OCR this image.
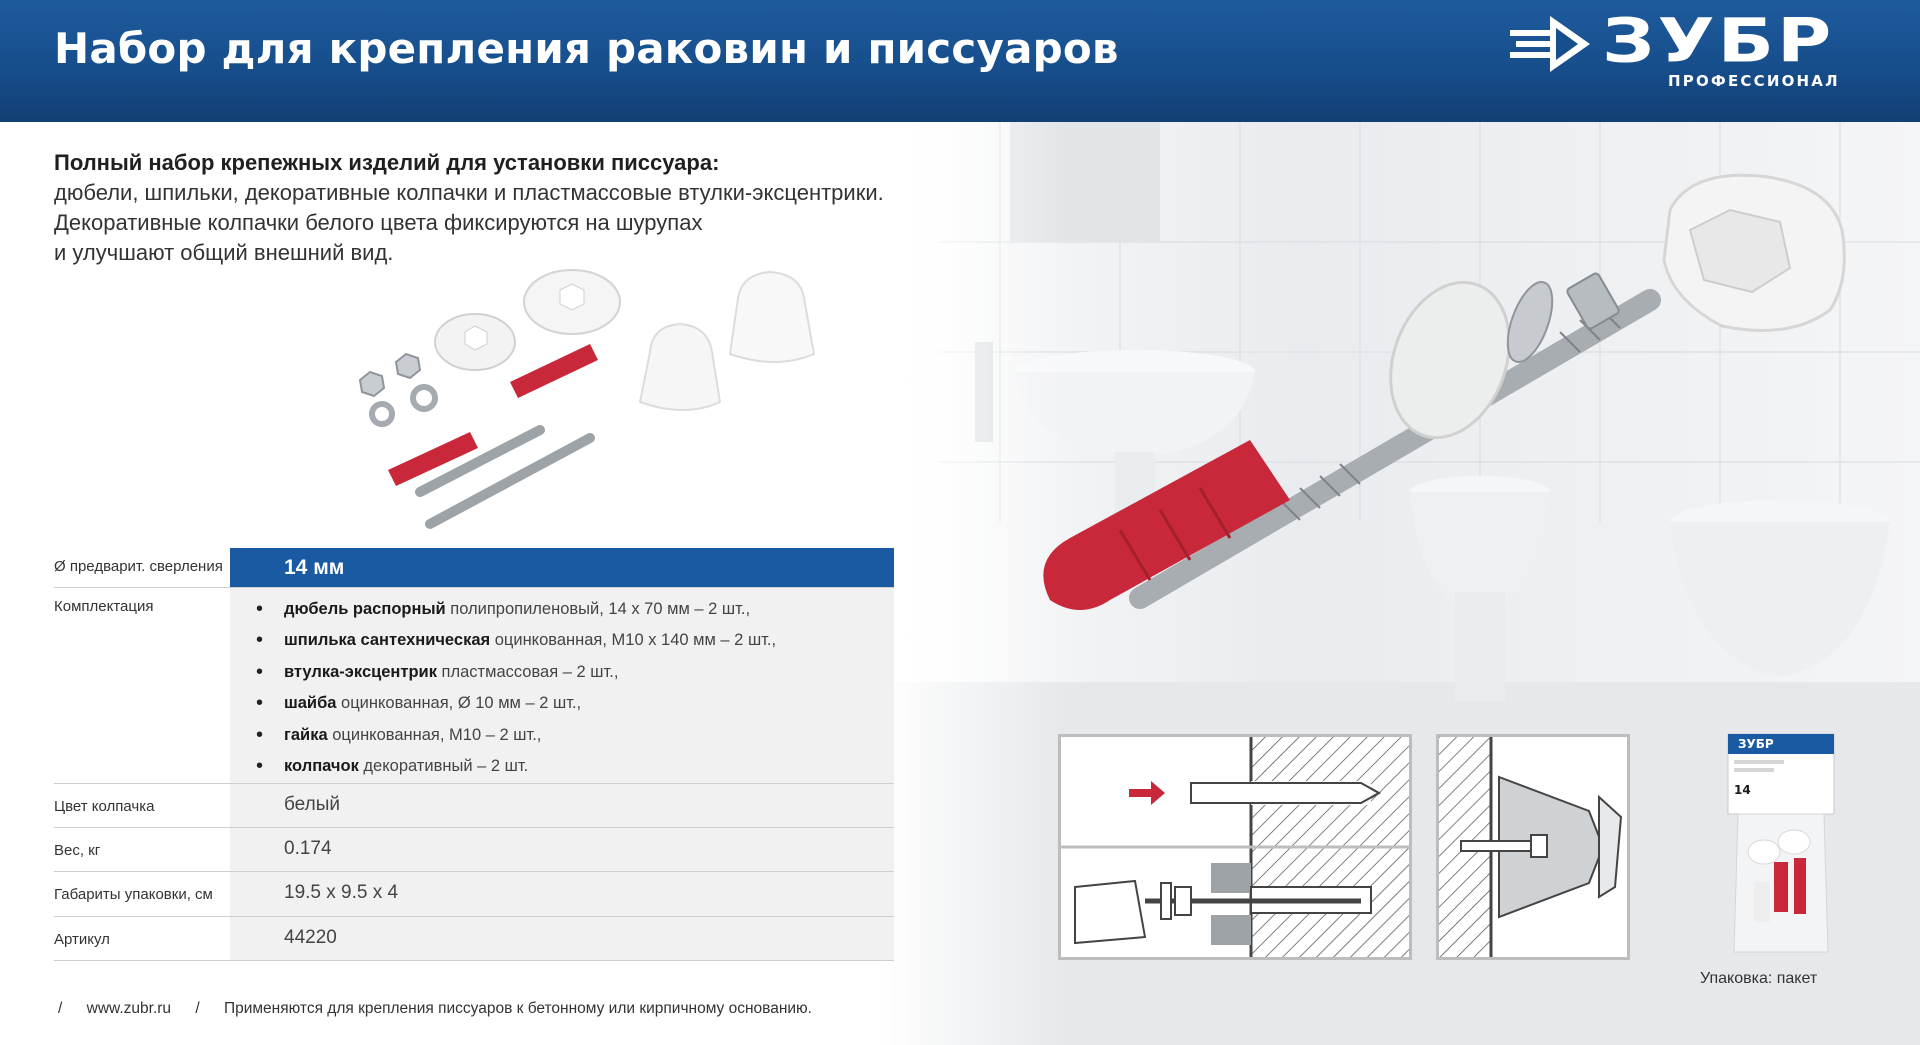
Набор для крепления раковин и писсуаров	ЗУБР
ПРОФЕССИОНАЛ
Полный набор крепежных изделий для установки писсуара:
дюбели, шпильки, декоративные колпачки и пластмассовые втулки-эксцентрики.
Декоративные колпачки белого цвета фиксируются на шурупах
и улучшают общий внешний вид.
Ø предварит. сверления	14 мм
Комплектация
•	дюбель распорный полипропиленовый, 14 х 70 мм – 2 шт.,
• шпилька сантехническая оцинкованная, М10 х 140 мм – 2 шт.,
• втулка-эксцентрик пластмассовая – 2 шт.,
• шайба оцинкованная, Ø 10 мм – 2 шт.,
• гайка оцинкованная, М10 – 2 шт.,
• колпачок декоративный – 2 шт.
Цвет колпачка	белый
Вес, кг	0.174
Габариты упаковки, см	19.5 х 9.5 х 4
Артикул	44220
ЗУБР
14
Упаковка: пакет
/ www.zubr.ru / Применяются для крепления писсуаров к бетонному или кирпичному основанию.
